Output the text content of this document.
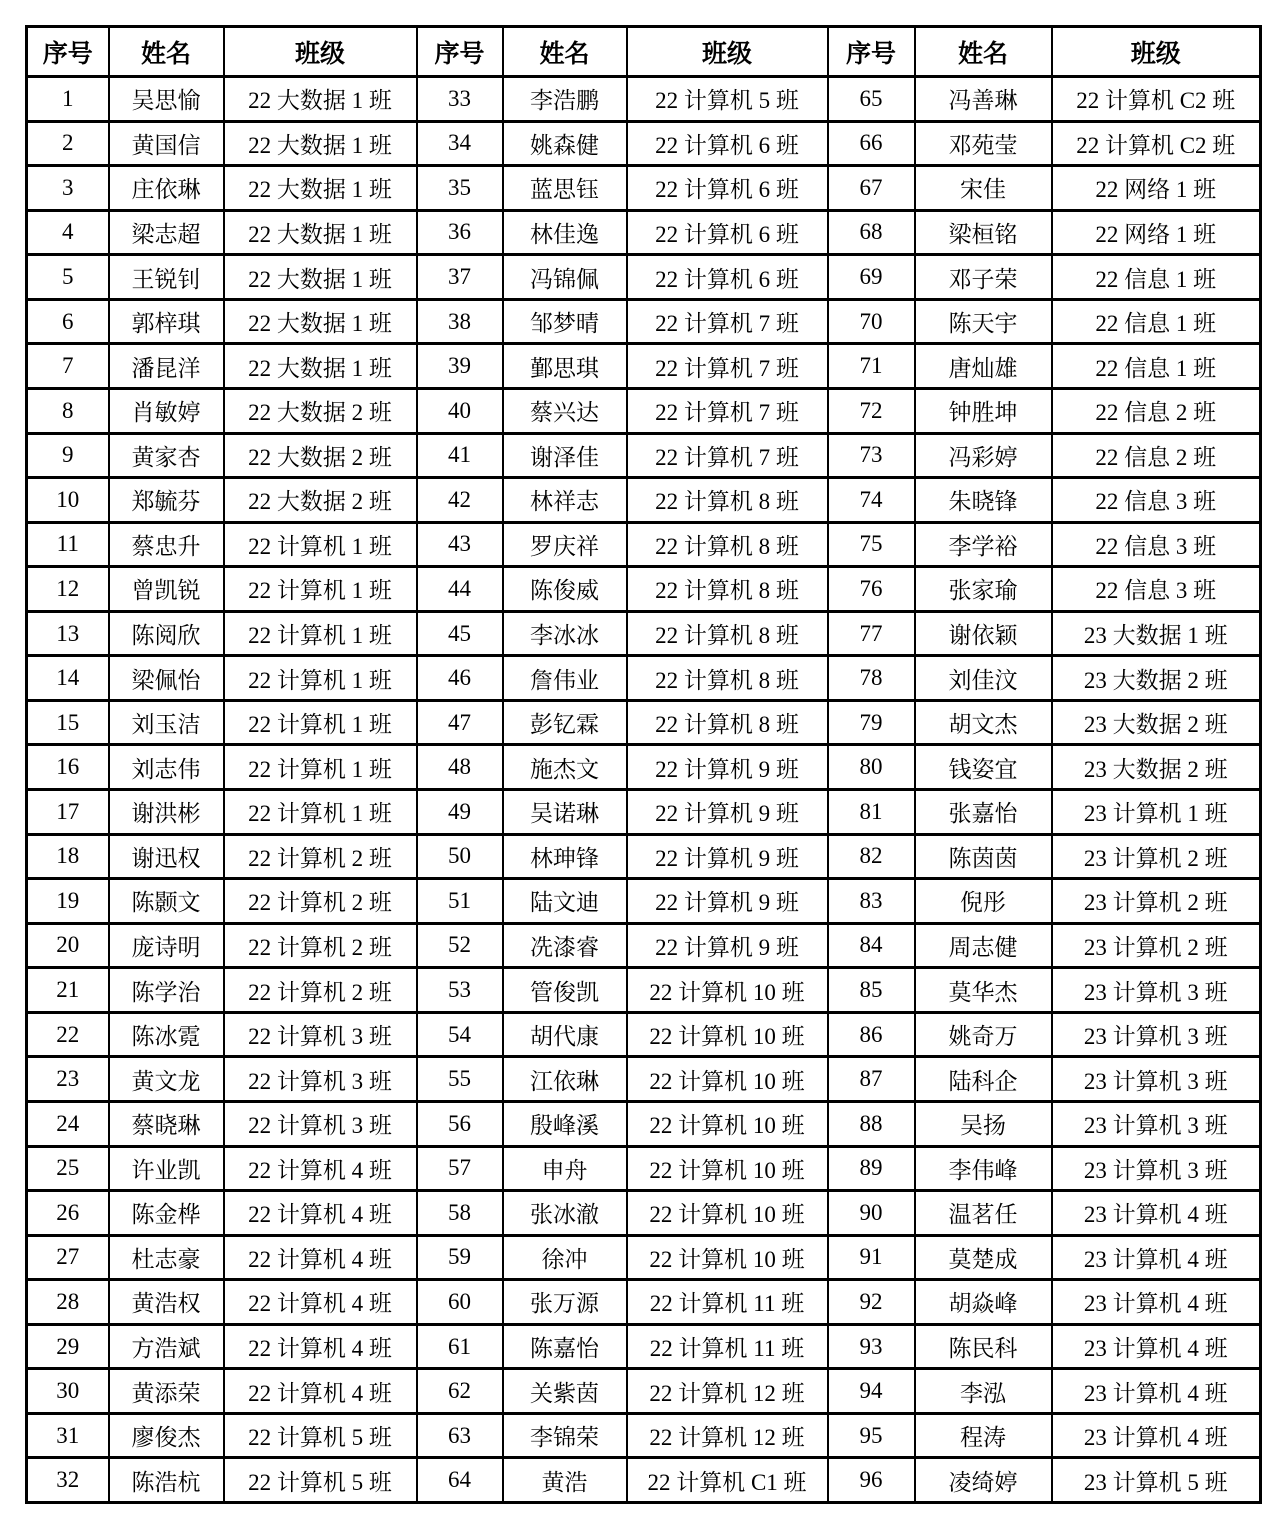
序号	姓名	班级	序号	姓名	班级	序号	姓名	班级
1	吴思愉	22 大数据 1 班	33	李浩鹏	22 计算机 5 班	65	冯善琳	22 计算机 C2 班
2	黄国信	22 大数据 1 班	34	姚森健	22 计算机 6 班	66	邓苑莹	22 计算机 C2 班
3	庄依琳	22 大数据 1 班	35	蓝思钰	22 计算机 6 班	67	宋佳	22 网络 1 班
4	梁志超	22 大数据 1 班	36	林佳逸	22 计算机 6 班	68	梁桓铭	22 网络 1 班
5	王锐钊	22 大数据 1 班	37	冯锦佩	22 计算机 6 班	69	邓子荣	22 信息 1 班
6	郭梓琪	22 大数据 1 班	38	邹梦晴	22 计算机 7 班	70	陈天宇	22 信息 1 班
7	潘昆洋	22 大数据 1 班	39	鄞思琪	22 计算机 7 班	71	唐灿雄	22 信息 1 班
8	肖敏婷	22 大数据 2 班	40	蔡兴达	22 计算机 7 班	72	钟胜坤	22 信息 2 班
9	黄家杏	22 大数据 2 班	41	谢泽佳	22 计算机 7 班	73	冯彩婷	22 信息 2 班
10	郑毓芬	22 大数据 2 班	42	林祥志	22 计算机 8 班	74	朱晓锋	22 信息 3 班
11	蔡忠升	22 计算机 1 班	43	罗庆祥	22 计算机 8 班	75	李学裕	22 信息 3 班
12	曾凯锐	22 计算机 1 班	44	陈俊威	22 计算机 8 班	76	张家瑜	22 信息 3 班
13	陈阅欣	22 计算机 1 班	45	李冰冰	22 计算机 8 班	77	谢依颖	23 大数据 1 班
14	梁佩怡	22 计算机 1 班	46	詹伟业	22 计算机 8 班	78	刘佳汶	23 大数据 2 班
15	刘玉洁	22 计算机 1 班	47	彭钇霖	22 计算机 8 班	79	胡文杰	23 大数据 2 班
16	刘志伟	22 计算机 1 班	48	施杰文	22 计算机 9 班	80	钱姿宜	23 大数据 2 班
17	谢洪彬	22 计算机 1 班	49	吴诺琳	22 计算机 9 班	81	张嘉怡	23 计算机 1 班
18	谢迅权	22 计算机 2 班	50	林珅锋	22 计算机 9 班	82	陈茵茵	23 计算机 2 班
19	陈颢文	22 计算机 2 班	51	陆文迪	22 计算机 9 班	83	倪彤	23 计算机 2 班
20	庞诗明	22 计算机 2 班	52	冼漆睿	22 计算机 9 班	84	周志健	23 计算机 2 班
21	陈学治	22 计算机 2 班	53	管俊凯	22 计算机 10 班	85	莫华杰	23 计算机 3 班
22	陈冰霓	22 计算机 3 班	54	胡代康	22 计算机 10 班	86	姚奇万	23 计算机 3 班
23	黄文龙	22 计算机 3 班	55	江依琳	22 计算机 10 班	87	陆科企	23 计算机 3 班
24	蔡晓琳	22 计算机 3 班	56	殷峰溪	22 计算机 10 班	88	吴扬	23 计算机 3 班
25	许业凯	22 计算机 4 班	57	申舟	22 计算机 10 班	89	李伟峰	23 计算机 3 班
26	陈金桦	22 计算机 4 班	58	张冰澈	22 计算机 10 班	90	温茗任	23 计算机 4 班
27	杜志豪	22 计算机 4 班	59	徐冲	22 计算机 10 班	91	莫楚成	23 计算机 4 班
28	黄浩权	22 计算机 4 班	60	张万源	22 计算机 11 班	92	胡焱峰	23 计算机 4 班
29	方浩斌	22 计算机 4 班	61	陈嘉怡	22 计算机 11 班	93	陈民科	23 计算机 4 班
30	黄添荣	22 计算机 4 班	62	关紫茵	22 计算机 12 班	94	李泓	23 计算机 4 班
31	廖俊杰	22 计算机 5 班	63	李锦荣	22 计算机 12 班	95	程涛	23 计算机 4 班
32	陈浩杭	22 计算机 5 班	64	黄浩	22 计算机 C1 班	96	凌绮婷	23 计算机 5 班
